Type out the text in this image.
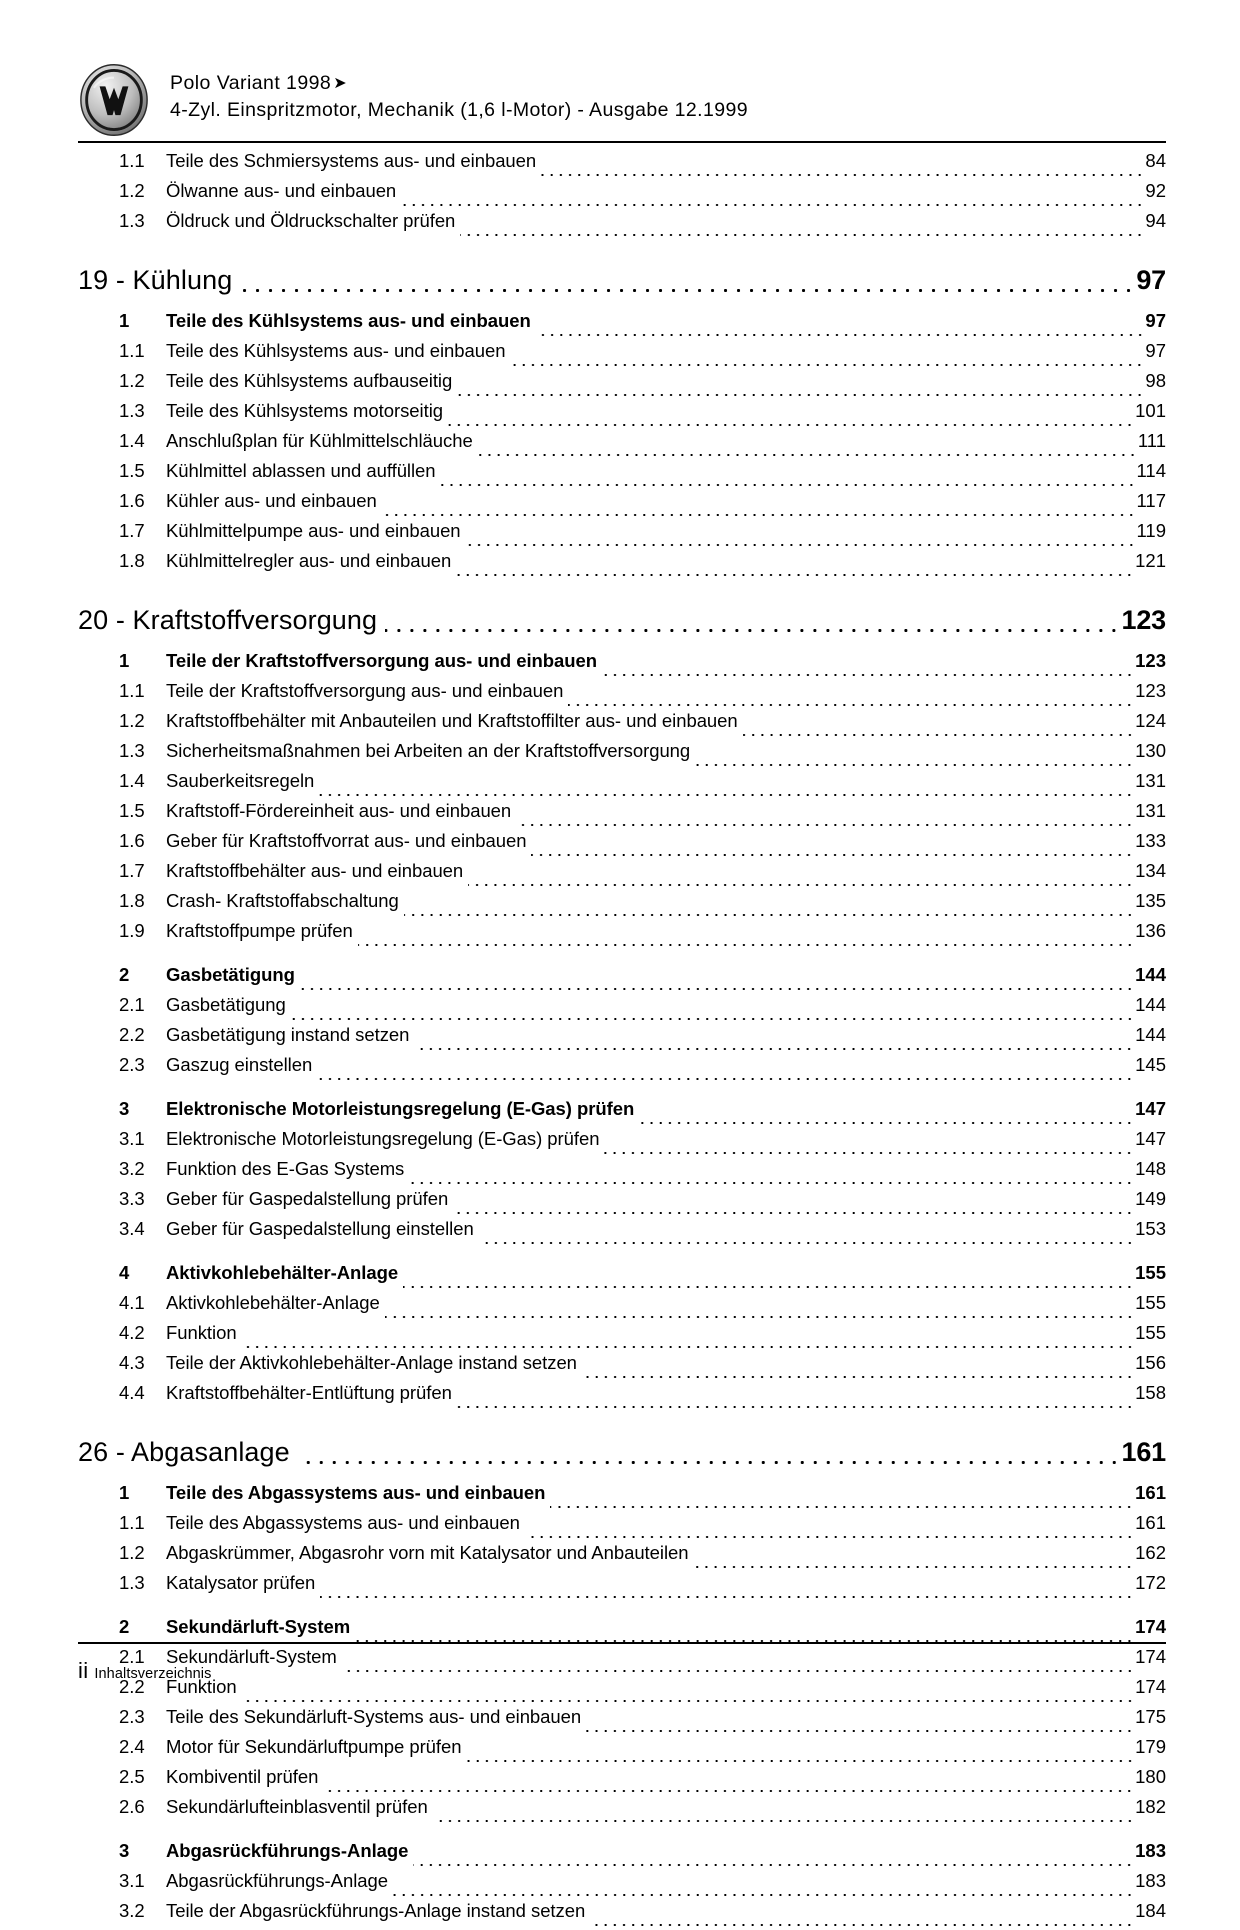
Polo Variant 1998 ➤
4-Zyl. Einspritzmotor, Mechanik (1,6 l-Motor) - Ausgabe 12.1999
1.1	Teile des Schmiersystems aus- und einbauen	84
1.2	Ölwanne aus- und einbauen	92
1.3	Öldruck und Öldruckschalter prüfen	94
19 - Kühlung	97
1	Teile des Kühlsystems aus- und einbauen	97
1.1	Teile des Kühlsystems aus- und einbauen	97
1.2	Teile des Kühlsystems aufbauseitig	98
1.3	Teile des Kühlsystems motorseitig	101
1.4	Anschlußplan für Kühlmittelschläuche	111
1.5	Kühlmittel ablassen und auffüllen	114
1.6	Kühler aus- und einbauen	117
1.7	Kühlmittelpumpe aus- und einbauen	119
1.8	Kühlmittelregler aus- und einbauen	121
20 - Kraftstoffversorgung	123
1	Teile der Kraftstoffversorgung aus- und einbauen	123
1.1	Teile der Kraftstoffversorgung aus- und einbauen	123
1.2	Kraftstoffbehälter mit Anbauteilen und Kraftstoffilter aus- und einbauen	124
1.3	Sicherheitsmaßnahmen bei Arbeiten an der Kraftstoffversorgung	130
1.4	Sauberkeitsregeln	131
1.5	Kraftstoff-Fördereinheit aus- und einbauen	131
1.6	Geber für Kraftstoffvorrat aus- und einbauen	133
1.7	Kraftstoffbehälter aus- und einbauen	134
1.8	Crash- Kraftstoffabschaltung	135
1.9	Kraftstoffpumpe prüfen	136
2	Gasbetätigung	144
2.1	Gasbetätigung	144
2.2	Gasbetätigung instand setzen	144
2.3	Gaszug einstellen	145
3	Elektronische Motorleistungsregelung (E-Gas) prüfen	147
3.1	Elektronische Motorleistungsregelung (E-Gas) prüfen	147
3.2	Funktion des E-Gas Systems	148
3.3	Geber für Gaspedalstellung prüfen	149
3.4	Geber für Gaspedalstellung einstellen	153
4	Aktivkohlebehälter-Anlage	155
4.1	Aktivkohlebehälter-Anlage	155
4.2	Funktion	155
4.3	Teile der Aktivkohlebehälter-Anlage instand setzen	156
4.4	Kraftstoffbehälter-Entlüftung prüfen	158
26 - Abgasanlage	161
1	Teile des Abgassystems aus- und einbauen	161
1.1	Teile des Abgassystems aus- und einbauen	161
1.2	Abgaskrümmer, Abgasrohr vorn mit Katalysator und Anbauteilen	162
1.3	Katalysator prüfen	172
2	Sekundärluft-System	174
2.1	Sekundärluft-System	174
2.2	Funktion	174
2.3	Teile des Sekundärluft-Systems aus- und einbauen	175
2.4	Motor für Sekundärluftpumpe prüfen	179
2.5	Kombiventil prüfen	180
2.6	Sekundärlufteinblasventil prüfen	182
3	Abgasrückführungs-Anlage	183
3.1	Abgasrückführungs-Anlage	183
3.2	Teile der Abgasrückführungs-Anlage instand setzen	184
ii Inhaltsverzeichnis
